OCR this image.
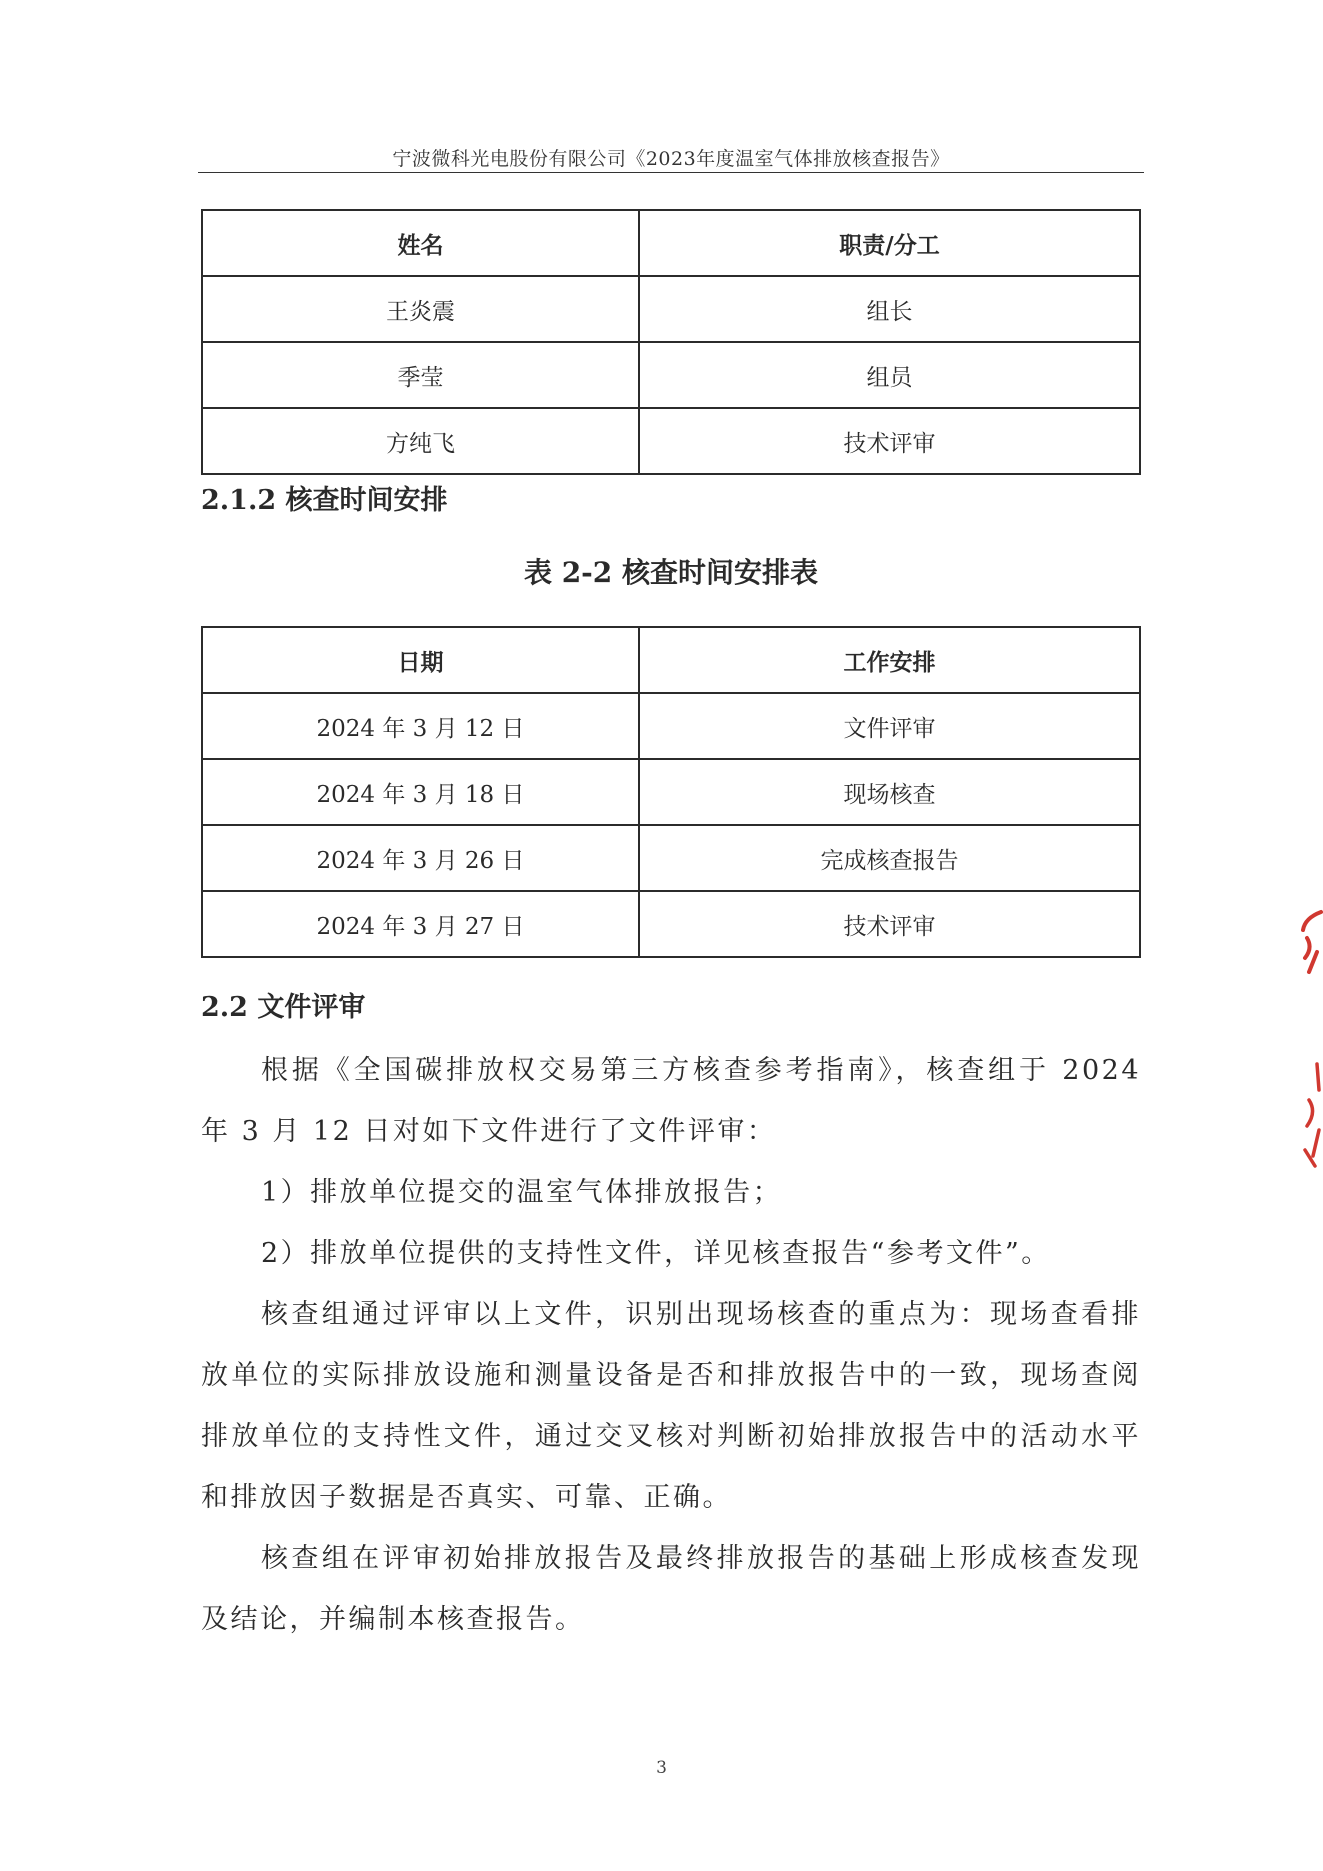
宁波微科光电股份有限公司《2023年度温室气体排放核查报告》
姓名	职责/分工
王炎震	组长
季莹	组员
方纯飞	技术评审
2.1.2 核查时间安排
表 2-2 核查时间安排表
日期	工作安排
2024 年 3 月 12 日	文件评审
2024 年 3 月 18 日	现场核查
2024 年 3 月 26 日	完成核查报告
2024 年 3 月 27 日	技术评审
2.2 文件评审
根据《全国碳排放权交易第三方核查参考指南》，核查组于 2024 年 3 月 12 日对如下文件进行了文件评审：
1）排放单位提交的温室气体排放报告；
2）排放单位提供的支持性文件，详见核查报告“参考文件”。
核查组通过评审以上文件，识别出现场核查的重点为：现场查看排放单位的实际排放设施和测量设备是否和排放报告中的一致，现场查阅排放单位的支持性文件，通过交叉核对判断初始排放报告中的活动水平和排放因子数据是否真实、可靠、正确。
核查组在评审初始排放报告及最终排放报告的基础上形成核查发现及结论，并编制本核查报告。
3
